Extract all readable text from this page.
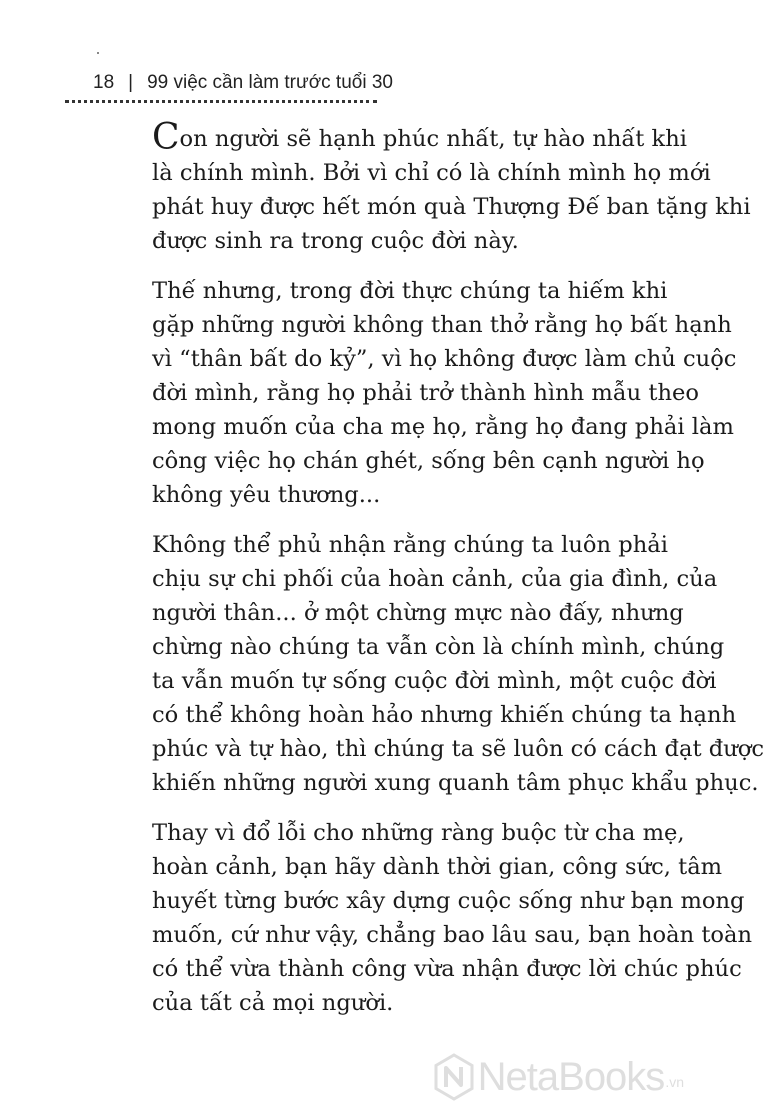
18 | 99 việc cần làm trước tuổi 30
Con người sẽ hạnh phúc nhất, tự hào nhất khi
là chính mình. Bởi vì chỉ có là chính mình họ mới
phát huy được hết món quà Thượng Đế ban tặng khi
được sinh ra trong cuộc đời này.
Thế nhưng, trong đời thực chúng ta hiếm khi
gặp những người không than thở rằng họ bất hạnh
vì “thân bất do kỷ”, vì họ không được làm chủ cuộc
đời mình, rằng họ phải trở thành hình mẫu theo
mong muốn của cha mẹ họ, rằng họ đang phải làm
công việc họ chán ghét, sống bên cạnh người họ
không yêu thương...
Không thể phủ nhận rằng chúng ta luôn phải
chịu sự chi phối của hoàn cảnh, của gia đình, của
người thân... ở một chừng mực nào đấy, nhưng
chừng nào chúng ta vẫn còn là chính mình, chúng
ta vẫn muốn tự sống cuộc đời mình, một cuộc đời
có thể không hoàn hảo nhưng khiến chúng ta hạnh
phúc và tự hào, thì chúng ta sẽ luôn có cách đạt được
khiến những người xung quanh tâm phục khẩu phục.
Thay vì đổ lỗi cho những ràng buộc từ cha mẹ,
hoàn cảnh, bạn hãy dành thời gian, công sức, tâm
huyết từng bước xây dựng cuộc sống như bạn mong
muốn, cứ như vậy, chẳng bao lâu sau, bạn hoàn toàn
có thể vừa thành công vừa nhận được lời chúc phúc
của tất cả mọi người.
NetaBooks .vn
